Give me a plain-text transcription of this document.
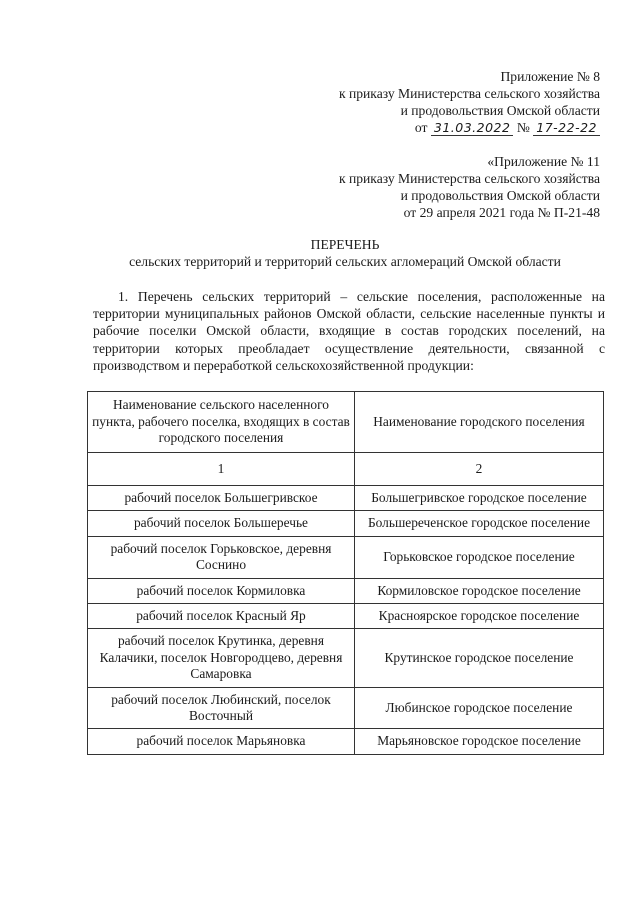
Приложение № 8
к приказу Министерства сельского хозяйства
и продовольствия Омской области
от 31.03.2022 № 17-22-22
«Приложение № 11
к приказу Министерства сельского хозяйства
и продовольствия Омской области
от 29 апреля 2021 года № П-21-48
ПЕРЕЧЕНЬ
сельских территорий и территорий сельских агломераций Омской области

1. Перечень сельских территорий – сельские поселения, расположенные на территории муниципальных районов Омской области, сельские населенные пункты и рабочие поселки Омской области, входящие в состав городских поселений, на территории которых преобладает осуществление деятельности, связанной с производством и переработкой сельскохозяйственной продукции:

Наименование сельского населенного пункта, рабочего поселка, входящих в состав городского поселения	Наименование городского поселения
1	2
рабочий поселок Большегривское	Большегривское городское поселение
рабочий поселок Большеречье	Большереченское городское поселение
рабочий поселок Горьковское, деревня Соснино	Горьковское городское поселение
рабочий поселок Кормиловка	Кормиловское городское поселение
рабочий поселок Красный Яр	Красноярское городское поселение
рабочий поселок Крутинка, деревня Калачики, поселок Новгородцево, деревня Самаровка	Крутинское городское поселение
рабочий поселок Любинский, поселок Восточный	Любинское городское поселение
рабочий поселок Марьяновка	Марьяновское городское поселение
